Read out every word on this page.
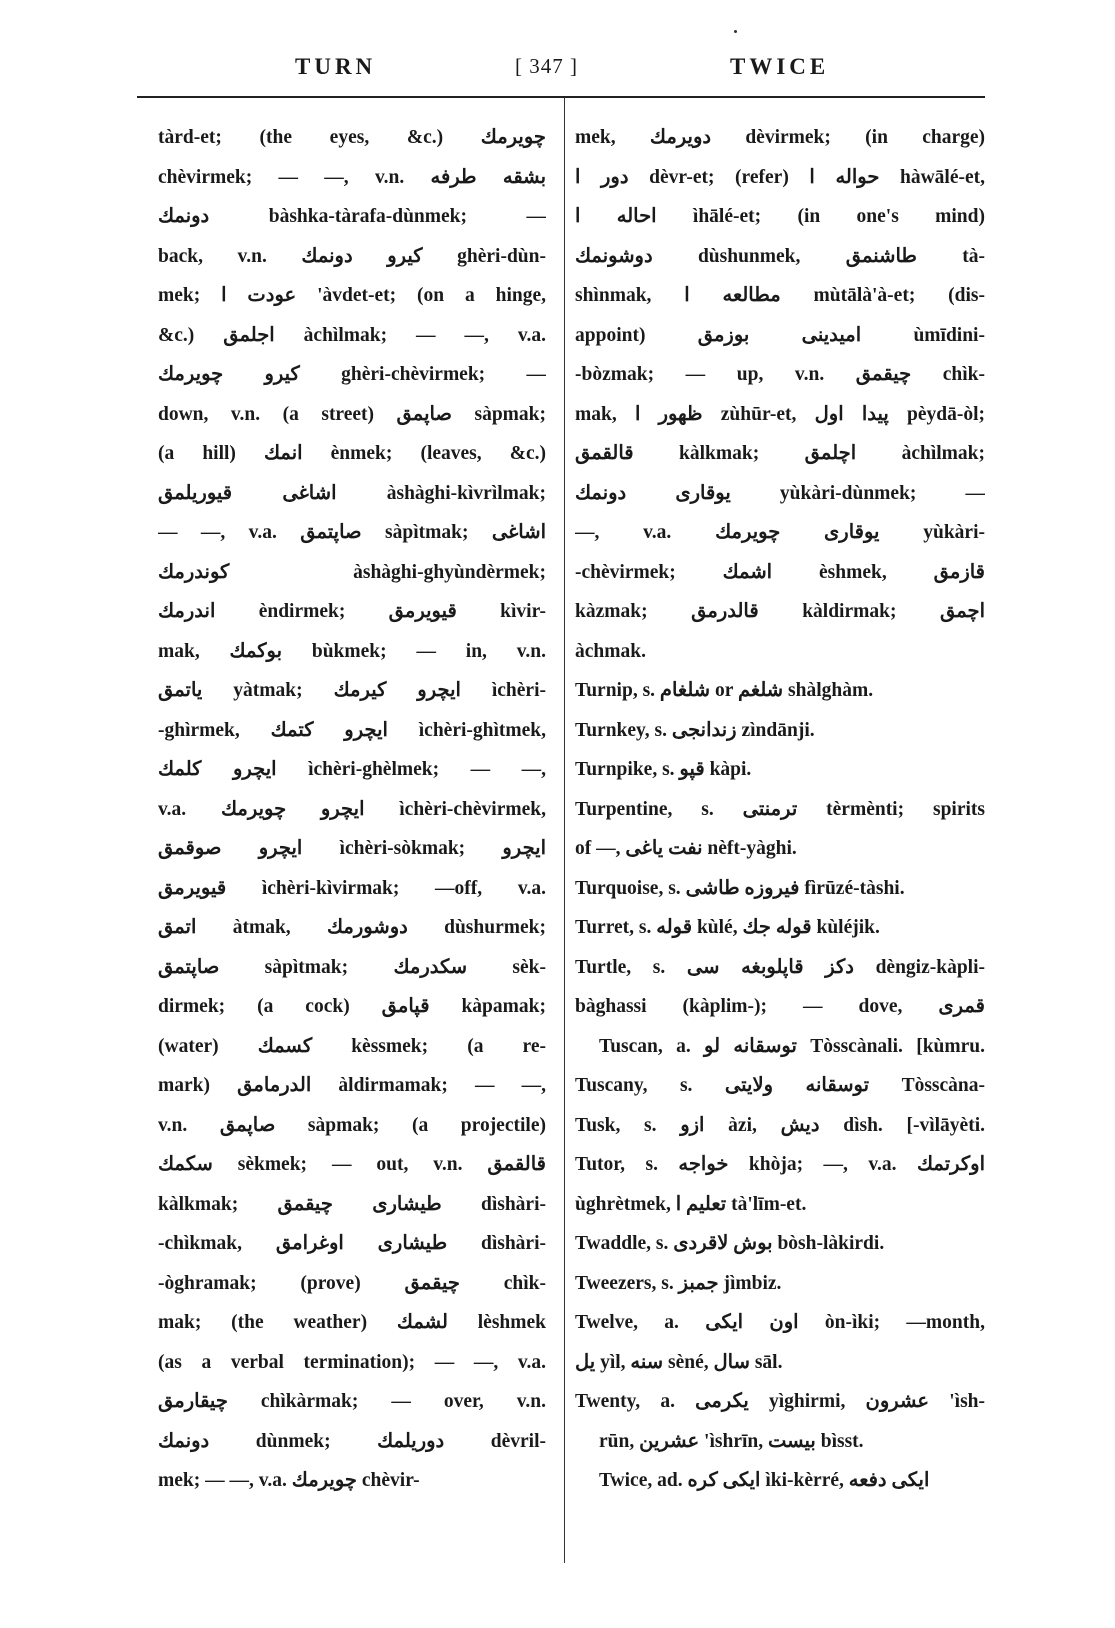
TURN	[ 347 ]	TWICE
tàrd-et; (the eyes, &c.) چویرمك
chèvirmek; — —, v.n. بشقه طرفه
دونمك bàshka-tàrafa-dùnmek; —
back, v.n. كیرو دونمك ghèri-dùn-
mek; عودت ا 'àvdet-et; (on a hinge,
&c.) اجلمق àchìlmak; — —, v.a.
كیرو چویرمك ghèri-chèvirmek; —
down, v.n. (a street) صاپمق sàpmak;
(a hill) انمك ènmek; (leaves, &c.)
اشاغی قیوریلمق àshàghi-kìvrìlmak;
— —, v.a. صاپتمق sàpìtmak; اشاغی
كوندرمك àshàghi-ghyùndèrmek;
اندرمك èndirmek; قیویرمق kìvir-
mak, بوكمك bùkmek; — in, v.n.
یاتمق yàtmak; ایچرو كیرمك ìchèri-
-ghìrmek, ایچرو كتمك ìchèri-ghìtmek,
ایچرو كلمك ìchèri-ghèlmek; — —,
v.a. ایچرو چویرمك ìchèri-chèvirmek,
ایچرو صوقمق ìchèri-sòkmak; ایچرو
قیویرمق ìchèri-kìvirmak; —off, v.a.
اتمق àtmak, دوشورمك dùshurmek;
صاپتمق sàpìtmak; سكدرمك sèk-
dirmek; (a cock) قپامق kàpamak;
(water) كسمك kèssmek; (a re-
mark) الدرمامق àldirmamak; — —,
v.n. صاپمق sàpmak; (a projectile)
سكمك sèkmek; — out, v.n. قالقمق
kàlkmak; طیشاری چیقمق dìshàri-
-chìkmak, طیشاری اوغرامق dìshàri-
-òghramak; (prove) چیقمق chìk-
mak; (the weather) لشمك lèshmek
(as a verbal termination); — —, v.a.
چیقارمق chìkàrmak; — over, v.n.
دونمك dùnmek; دوریلمك dèvril-
mek; — —, v.a. چویرمك chèvir-
mek, دویرمك dèvirmek; (in charge)
دور ا dèvr-et; (refer) حواله ا hàwālé-et,
احاله ا ìhālé-et; (in one's mind)
دوشونمك dùshunmek, طاشنمق tà-
shìnmak, مطالعه ا mùtālà'à-et; (dis-
appoint) امیدینی بوزمق ùmīdini-
-bòzmak; — up, v.n. چیقمق chìk-
mak, ظهور ا zùhūr-et, پیدا اول pèydā-òl;
قالقمق kàlkmak; اچلمق àchìlmak;
یوقاری دونمك yùkàri-dùnmek; —
—, v.a. یوقاری چویرمك yùkàri-
-chèvirmek; اشمك èshmek, قازمق
kàzmak; قالدرمق kàldirmak; اچمق
àchmak.
Turnip, s. شلغام or شلغم shàlghàm.
Turnkey, s. زندانجی zìndānji.
Turnpike, s. قپو kàpi.
Turpentine, s. ترمنتی tèrmènti; spirits
of —, نفت یاغی nèft-yàghi.
Turquoise, s. فیروزه طاشی fìrūzé-tàshi.
Turret, s. قوله kùlé, قوله جك kùléjik.
Turtle, s. دكز قاپلوبغه سی dèngiz-kàpli-
bàghassi (kàplim-); — dove, قمری
Tuscan, a. توسقانه لو Tòsscànali. [kùmru.
Tuscany, s. توسقانه ولایتی Tòsscàna-
Tusk, s. ازو àzi, دیش dìsh. [-vìlāyèti.
Tutor, s. خواجه khòja; —, v.a. اوكرتمك
ùghrètmek, تعلیم ا tà'līm-et.
Twaddle, s. بوش لاقردی bòsh-làkirdi.
Tweezers, s. جمبز jìmbiz.
Twelve, a. اون ایكی òn-ìki; —month,
یل yìl, سنه sèné, سال sāl.
Twenty, a. یكرمی yìghirmi, عشرون 'ìsh-
rūn, عشرین 'ìshrīn, بیست bìsst.
Twice, ad. ایكی كره ìki-kèrré, ایكی دفعه
